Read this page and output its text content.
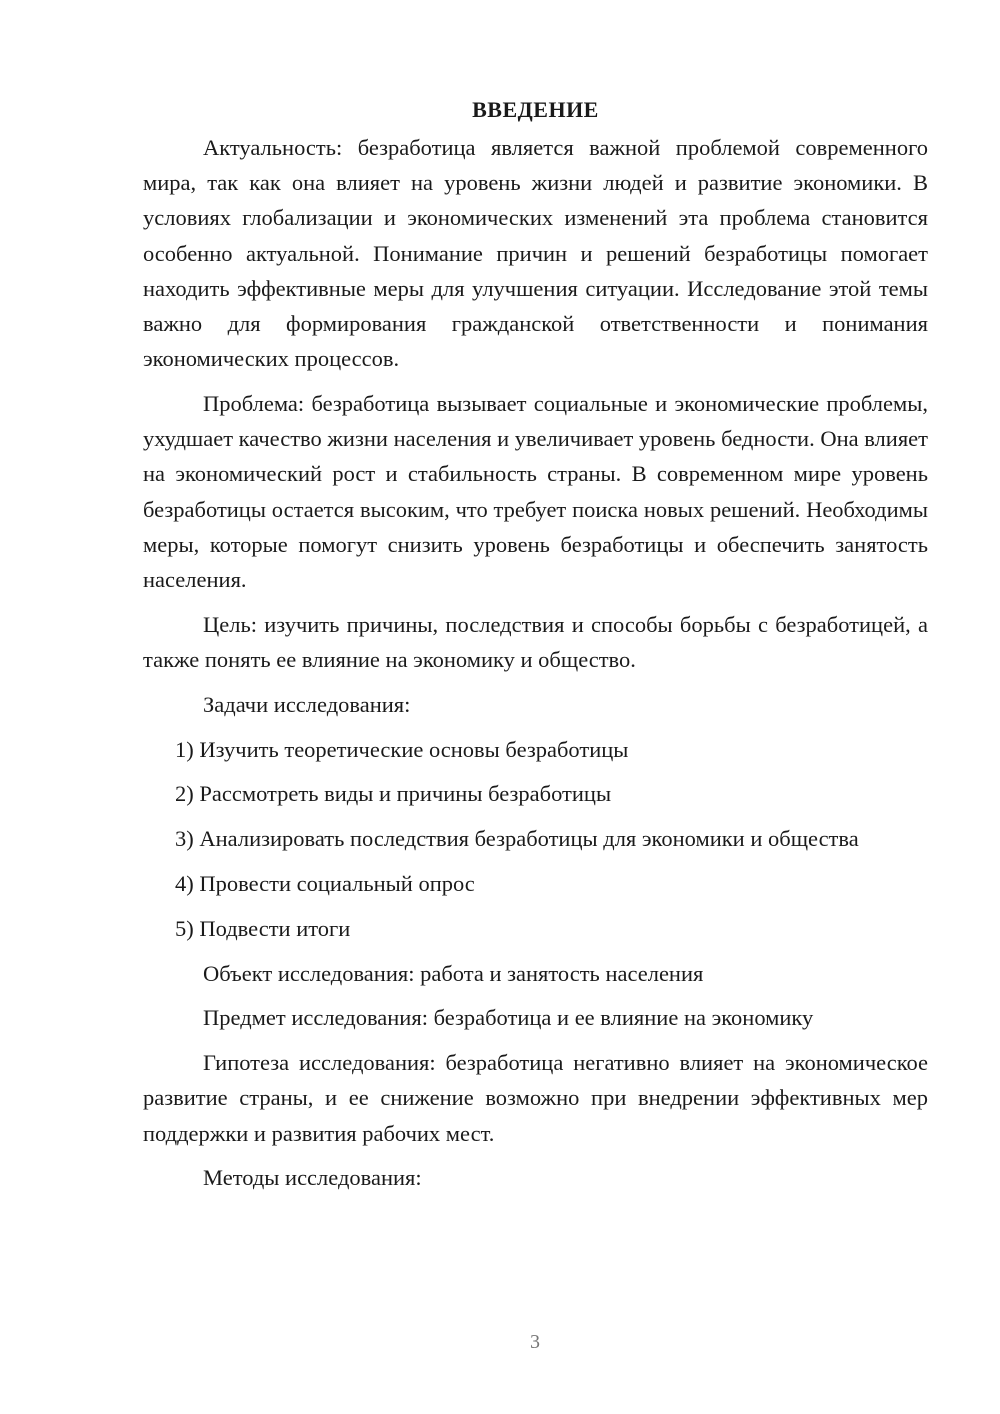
ВВЕДЕНИЕ

Актуальность: безработица является важной проблемой современного мира, так как она влияет на уровень жизни людей и развитие экономики. В условиях глобализации и экономических изменений эта проблема становится особенно актуальной. Понимание причин и решений безработицы помогает находить эффективные меры для улучшения ситуации. Исследование этой темы важно для формирования гражданской ответственности и понимания экономических процессов.

Проблема: безработица вызывает социальные и экономические проблемы, ухудшает качество жизни населения и увеличивает уровень бедности. Она влияет на экономический рост и стабильность страны. В современном мире уровень безработицы остается высоким, что требует поиска новых решений. Необходимы меры, которые помогут снизить уровень безработицы и обеспечить занятость населения.

Цель: изучить причины, последствия и способы борьбы с безработицей, а также понять ее влияние на экономику и общество.

Задачи исследования:

1) Изучить теоретические основы безработицы

2) Рассмотреть виды и причины безработицы

3) Анализировать последствия безработицы для экономики и общества

4) Провести социальный опрос

5) Подвести итоги

Объект исследования: работа и занятость населения

Предмет исследования: безработица и ее влияние на экономику

Гипотеза исследования: безработица негативно влияет на экономическое развитие страны, и ее снижение возможно при внедрении эффективных мер поддержки и развития рабочих мест.

Методы исследования:

3
